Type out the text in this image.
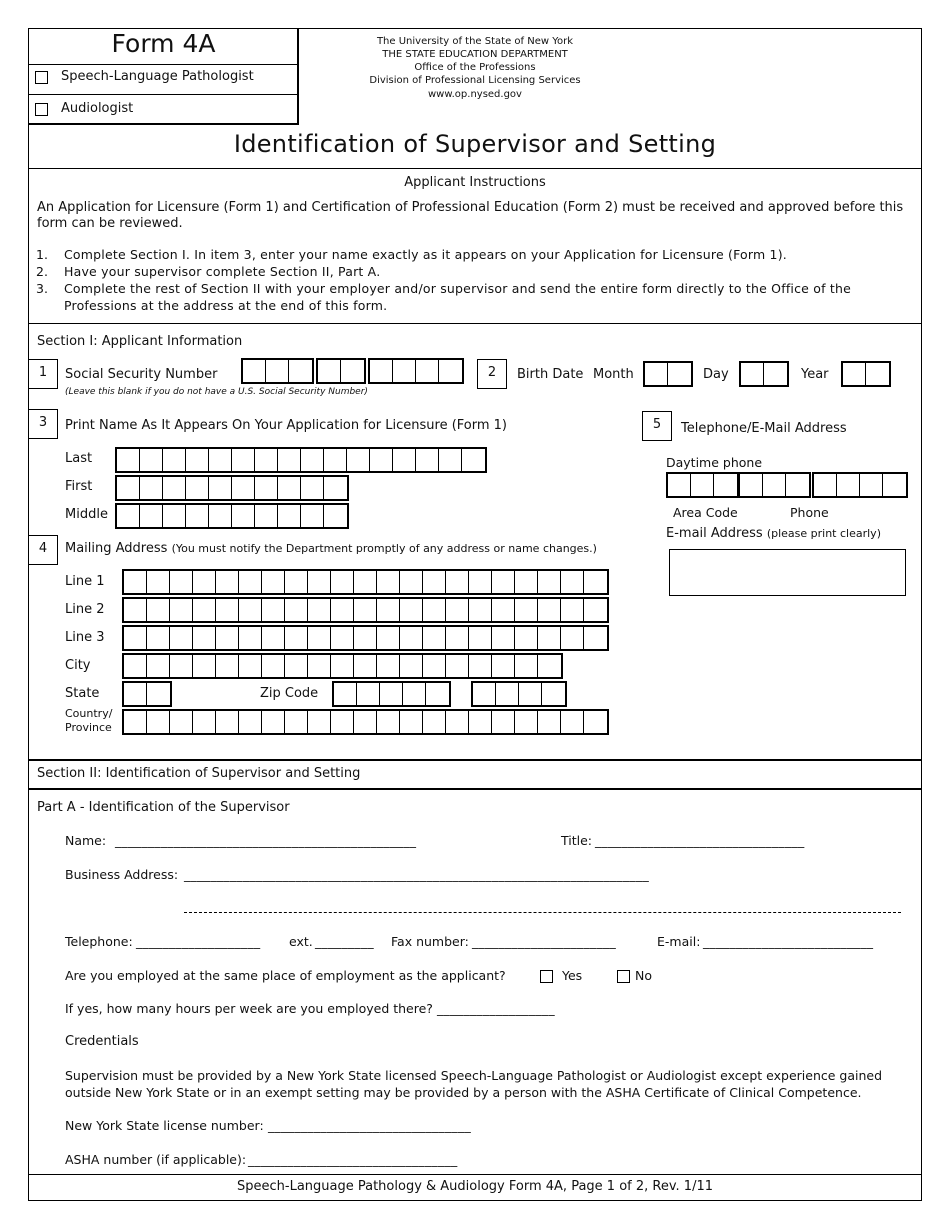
Form 4A
Speech-Language Pathologist
Audiologist
The University of the State of New York
THE STATE EDUCATION DEPARTMENT
Office of the Professions
Division of Professional Licensing Services
www.op.nysed.gov
Identification of Supervisor and Setting
Applicant Instructions
An Application for Licensure (Form 1) and Certification of Professional Education (Form 2) must be received and approved before this form can be reviewed.
1.	Complete Section I. In item 3, enter your name exactly as it appears on your Application for Licensure (Form 1).
2.	Have your supervisor complete Section II, Part A.
3.	Complete the rest of Section II with your employer and/or supervisor and send the entire form directly to the Office of the Professions at the address at the end of this form.
Section I: Applicant Information
1	Social Security Number
(Leave this blank if you do not have a U.S. Social Security Number)
2	Birth Date Month	Day	Year
3	Print Name As It Appears On Your Application for Licensure (Form 1)
Last
First
Middle
4	Mailing Address (You must notify the Department promptly of any address or name changes.)
Line 1
Line 2
Line 3
City
State	Zip Code
Country/
Province
5	Telephone/E-Mail Address
Daytime phone
Area Code	Phone
E-mail Address (please print clearly)
Section II: Identification of Supervisor and Setting
Part A - Identification of the Supervisor
Name: ______________________________________________	Title: ________________________________
Business Address: _______________________________________________________________________
Telephone: ___________________ ext. _________ Fax number: ______________________	E-mail: __________________________
Are you employed at the same place of employment as the applicant?	Yes	No
If yes, how many hours per week are you employed there? __________________
Credentials
Supervision must be provided by a New York State licensed Speech-Language Pathologist or Audiologist except experience gained
outside New York State or in an exempt setting may be provided by a person with the ASHA Certificate of Clinical Competence.
New York State license number: _______________________________
ASHA number (if applicable): ________________________________
Speech-Language Pathology & Audiology Form 4A, Page 1 of 2, Rev. 1/11
